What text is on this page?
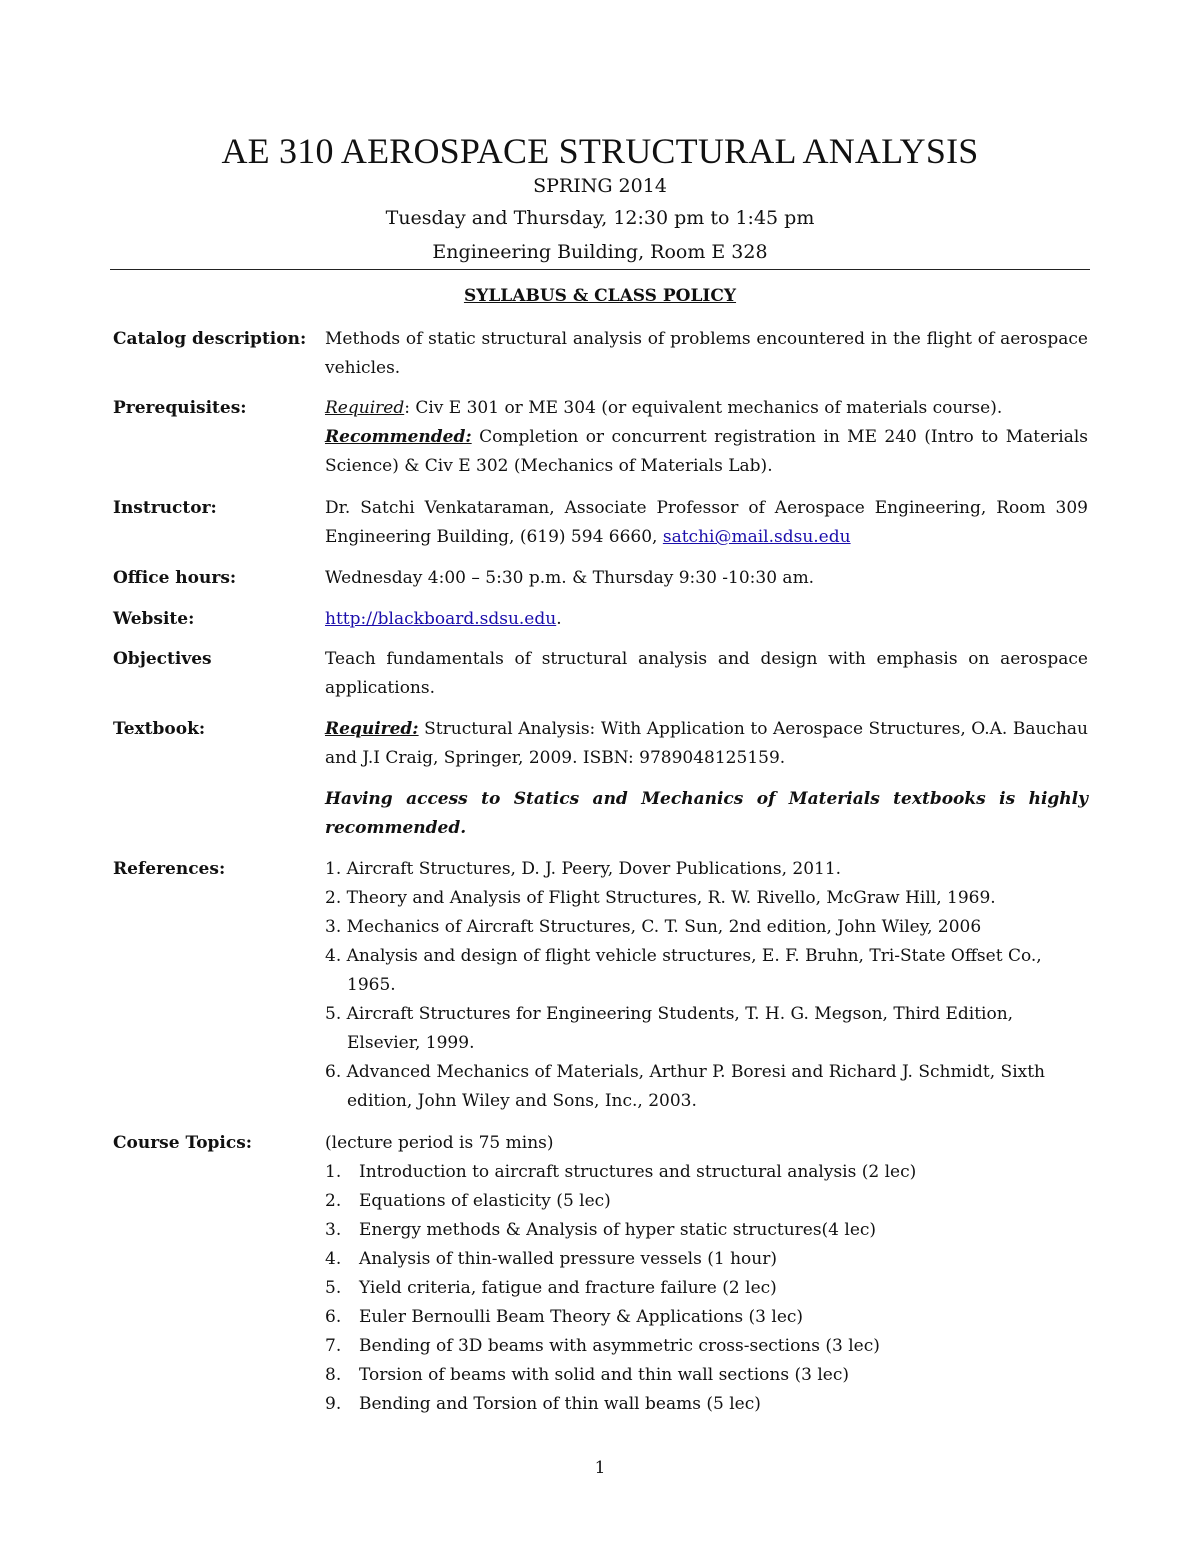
AE 310 AEROSPACE STRUCTURAL ANALYSIS
SPRING 2014
Tuesday and Thursday, 12:30 pm to 1:45 pm
Engineering Building, Room E 328
SYLLABUS & CLASS POLICY
Catalog description:	Methods of static structural analysis of problems encountered in the flight of aerospace vehicles.
Prerequisites:	Required: Civ E 301 or ME 304 (or equivalent mechanics of materials course).
Recommended: Completion or concurrent registration in ME 240 (Intro to Materials Science) & Civ E 302 (Mechanics of Materials Lab).
Instructor:	Dr. Satchi Venkataraman, Associate Professor of Aerospace Engineering, Room 309 Engineering Building, (619) 594 6660, satchi@mail.sdsu.edu
Office hours:	Wednesday 4:00 – 5:30 p.m. & Thursday 9:30 -10:30 am.
Website:	http://blackboard.sdsu.edu.
Objectives	Teach fundamentals of structural analysis and design with emphasis on aerospace applications.
Textbook:	Required: Structural Analysis: With Application to Aerospace Structures, O.A. Bauchau and J.I Craig, Springer, 2009. ISBN: 9789048125159.
Having access to Statics and Mechanics of Materials textbooks is highly recommended.
References:	1. Aircraft Structures, D. J. Peery, Dover Publications, 2011.
2. Theory and Analysis of Flight Structures, R. W. Rivello, McGraw Hill, 1969.
3. Mechanics of Aircraft Structures, C. T. Sun, 2nd edition, John Wiley, 2006
4. Analysis and design of flight vehicle structures, E. F. Bruhn, Tri-State Offset Co., 1965.
5. Aircraft Structures for Engineering Students, T. H. G. Megson, Third Edition, Elsevier, 1999.
6. Advanced Mechanics of Materials, Arthur P. Boresi and Richard J. Schmidt, Sixth edition, John Wiley and Sons, Inc., 2003.
Course Topics:	(lecture period is 75 mins)
1.	Introduction to aircraft structures and structural analysis (2 lec)
2.	Equations of elasticity (5 lec)
3.	Energy methods & Analysis of hyper static structures(4 lec)
4.	Analysis of thin-walled pressure vessels (1 hour)
5.	Yield criteria, fatigue and fracture failure (2 lec)
6.	Euler Bernoulli Beam Theory & Applications (3 lec)
7.	Bending of 3D beams with asymmetric cross-sections (3 lec)
8.	Torsion of beams with solid and thin wall sections (3 lec)
9.	Bending and Torsion of thin wall beams (5 lec)
1
